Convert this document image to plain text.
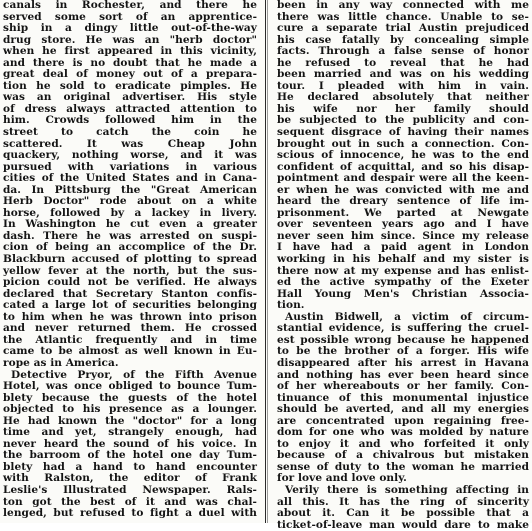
canals in Rochester, and there he
served some sort of an apprentice-
ship in a dingy little out-of-the-way
drug store. He was an "herb doctor"
when he first appeared in this vicinity,
and there is no doubt that he made a
great deal of money out of a prepara-
tion he sold to eradicate pimples. He
was an original advertiser. His style
of dress always attracted attention to
him. Crowds followed him in the
street to catch the coin he
scattered. It was Cheap John
quackery, nothing worse, and it was
pursued with variations in various
cities of the United States and in Cana-
da. In Pittsburg the "Great American
Herb Doctor" rode about on a white
horse, followed by a lackey in livery.
In Washington he cut even a greater
dash. There he was arrested on suspi-
cion of being an accomplice of the Dr.
Blackburn accused of plotting to spread
yellow fever at the north, but the sus-
picion could not be verified. He always
declared that Secretary Stanton confis-
cated a large lot of securities belonging
to him when he was thrown into prison
and never returned them. He crossed
the Atlantic frequently and in time
came to be almost as well known in Eu-
rope as in America.
Detective Pryor, of the Fifth Avenue
Hotel, was once obliged to bounce Tum-
blety because the guests of the hotel
objected to his presence as a lounger.
He had known the "doctor" for a long
time and yet, strangely enough, had
never heard the sound of his voice. In
the barroom of the hotel one day Tum-
blety had a hand to hand encounter
with Ralston, the editor of Frank
Leslie's Illustrated Newspaper. Rals-
ton got the best of it and was chal-
lenged, but refused to fight a duel with
been in any way connected with me
there was little chance. Unable to se-
cure a separate trial Austin prejudiced
his case fatally by concealing simple
facts. Through a false sense of honor
he refused to reveal that he had
been married and was on his wedding
tour. I pleaded with him in vain.
He declared absolutely that neither
his wife nor her family should
be subjected to the publicity and con-
sequent disgrace of having their names
brought out in such a connection. Con-
scious of innocence, he was to the end
confident of acquittal, and so his disap-
pointment and despair were all the keen-
er when he was convicted with me and
heard the dreary sentence of life im-
prisonment. We parted at Newgate
over seventeen years ago and I have
never seen him since. Since my release
I have had a paid agent in London
working in his behalf and my sister is
there now at my expense and has enlist-
ed the active sympathy of the Exeter
Hall Young Men's Christian Associa-
tion.
Austin Bidwell, a victim of circum-
stantial evidence, is suffering the cruel-
est possible wrong because he happened
to be the brother of a forger. His wife
disappeared after his arrest in Havana
and nothing has ever been heard since
of her whereabouts or her family. Con-
tinuance of this monumental injustice
should be averted, and all my energies
are concentrated upon regaining free-
dom for one who was molded by nature
to enjoy it and who forfeited it only
because of a chivalrous but mistaken
sense of duty to the woman he married
for love and love only.
Verily there is something affecting in
all this. It has the ring of sincerity
about it. Can it be possible that a
ticket-of-leave man would dare to make
